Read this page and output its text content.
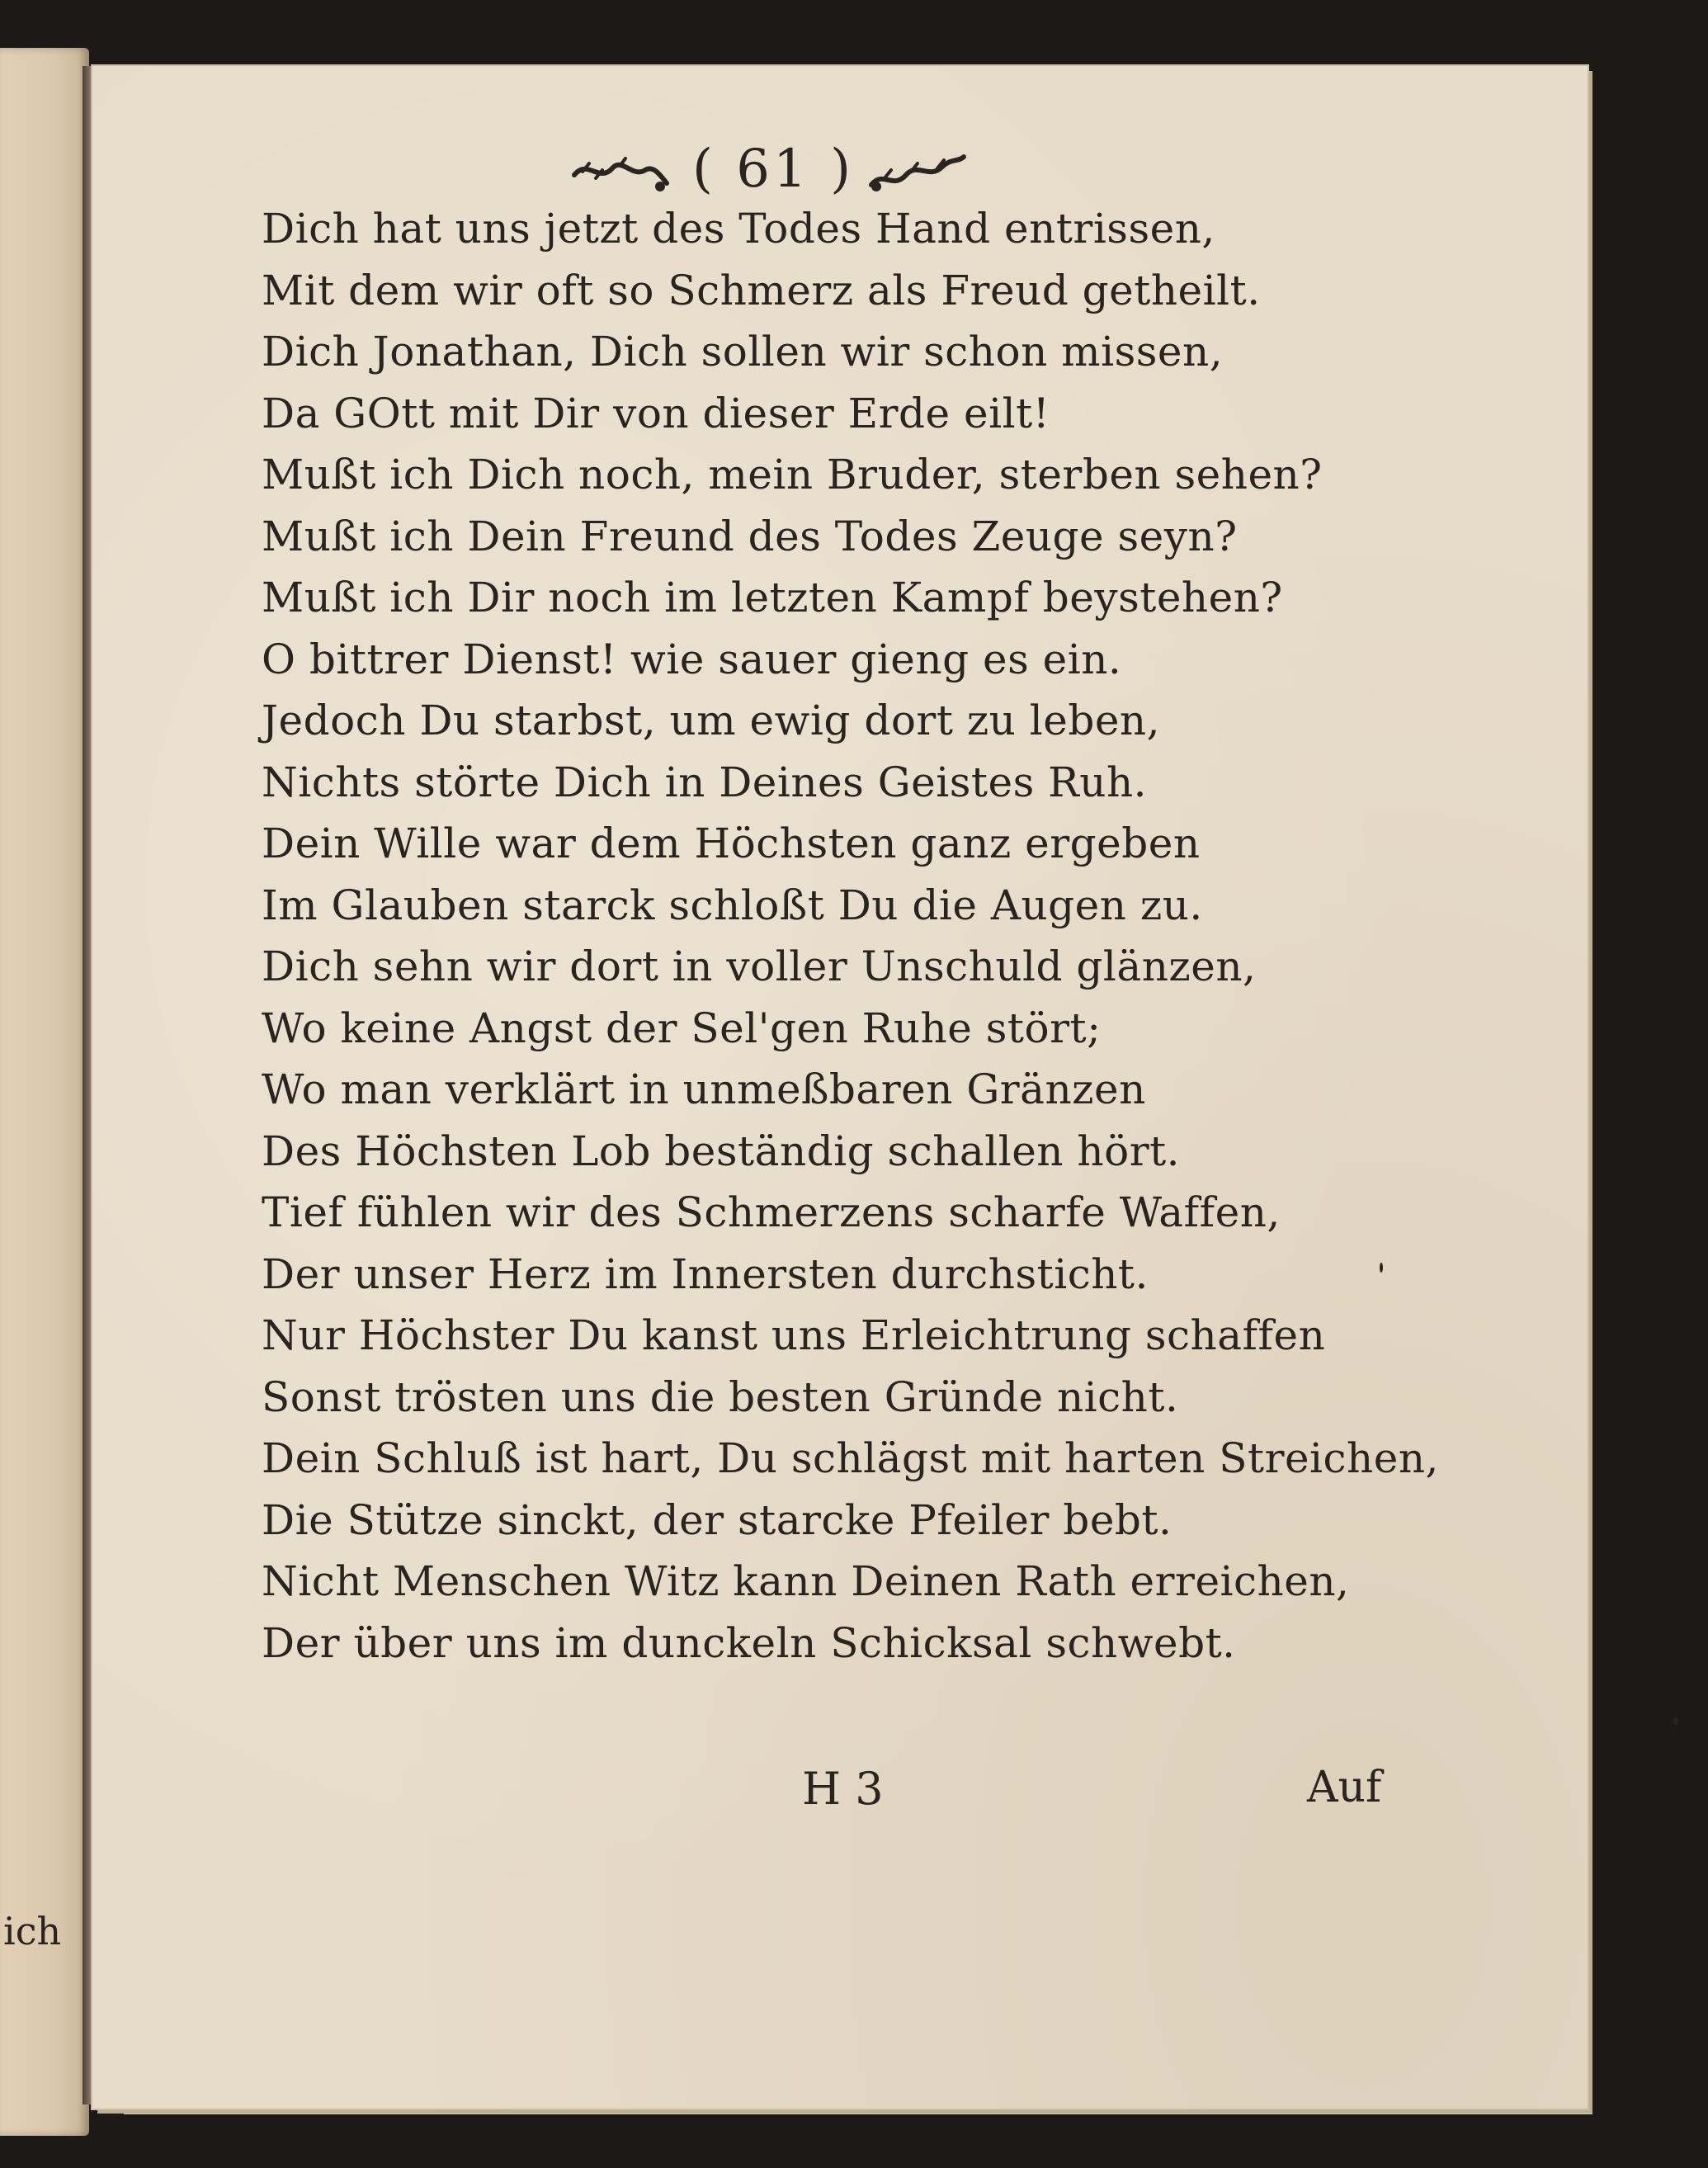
ich
( 61 )
Dich hat uns jetzt des Todes Hand entrissen,
Mit dem wir oft so Schmerz als Freud getheilt.
Dich Jonathan, Dich sollen wir schon missen,
Da GOtt mit Dir von dieser Erde eilt!
Mußt ich Dich noch, mein Bruder, sterben sehen?
Mußt ich Dein Freund des Todes Zeuge seyn?
Mußt ich Dir noch im letzten Kampf beystehen?
O bittrer Dienst! wie sauer gieng es ein.
Jedoch Du starbst, um ewig dort zu leben,
Nichts störte Dich in Deines Geistes Ruh.
Dein Wille war dem Höchsten ganz ergeben
Im Glauben starck schloßt Du die Augen zu.
Dich sehn wir dort in voller Unschuld glänzen,
Wo keine Angst der Sel'gen Ruhe stört;
Wo man verklärt in unmeßbaren Gränzen
Des Höchsten Lob beständig schallen hört.
Tief fühlen wir des Schmerzens scharfe Waffen,
Der unser Herz im Innersten durchsticht.
Nur Höchster Du kanst uns Erleichtrung schaffen
Sonst trösten uns die besten Gründe nicht.
Dein Schluß ist hart, Du schlägst mit harten Streichen,
Die Stütze sinckt, der starcke Pfeiler bebt.
Nicht Menschen Witz kann Deinen Rath erreichen,
Der über uns im dunckeln Schicksal schwebt.
H 3	Auf
